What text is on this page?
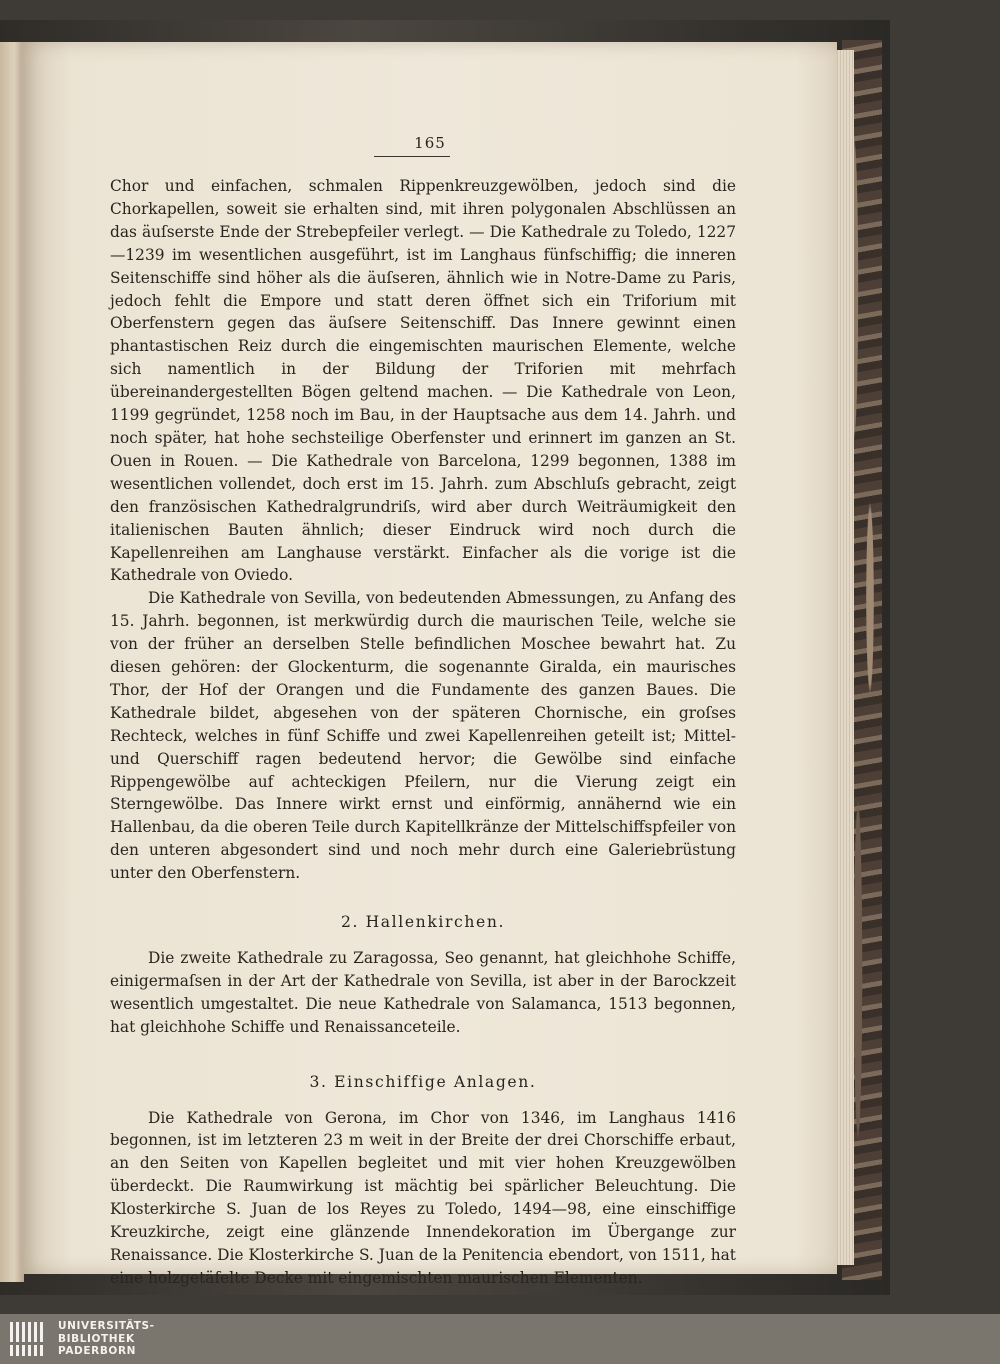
165

Chor und einfachen, schmalen Rippenkreuzgewölben, jedoch sind die Chorkapellen, soweit sie erhalten sind, mit ihren polygonalen Abschlüssen an das äuſserste Ende der Strebepfeiler verlegt. — Die Kathedrale zu Toledo, 1227—1239 im wesentlichen ausgeführt, ist im Langhaus fünfschiffig; die inneren Seitenschiffe sind höher als die äuſseren, ähnlich wie in Notre-Dame zu Paris, jedoch fehlt die Empore und statt deren öffnet sich ein Triforium mit Oberfenstern gegen das äuſsere Seitenschiff. Das Innere gewinnt einen phantastischen Reiz durch die eingemischten maurischen Elemente, welche sich namentlich in der Bildung der Triforien mit mehrfach übereinandergestellten Bögen geltend machen. — Die Kathedrale von Leon, 1199 gegründet, 1258 noch im Bau, in der Hauptsache aus dem 14. Jahrh. und noch später, hat hohe sechsteilige Oberfenster und erinnert im ganzen an St. Ouen in Rouen. — Die Kathedrale von Barcelona, 1299 begonnen, 1388 im wesentlichen vollendet, doch erst im 15. Jahrh. zum Abschluſs gebracht, zeigt den französischen Kathedralgrundriſs, wird aber durch Weiträumigkeit den italienischen Bauten ähnlich; dieser Eindruck wird noch durch die Kapellenreihen am Langhause verstärkt. Einfacher als die vorige ist die Kathedrale von Oviedo.

Die Kathedrale von Sevilla, von bedeutenden Abmessungen, zu Anfang des 15. Jahrh. begonnen, ist merkwürdig durch die maurischen Teile, welche sie von der früher an derselben Stelle befindlichen Moschee bewahrt hat. Zu diesen gehören: der Glockenturm, die sogenannte Giralda, ein maurisches Thor, der Hof der Orangen und die Fundamente des ganzen Baues. Die Kathedrale bildet, abgesehen von der späteren Chornische, ein groſses Rechteck, welches in fünf Schiffe und zwei Kapellenreihen geteilt ist; Mittel- und Querschiff ragen bedeutend hervor; die Gewölbe sind einfache Rippengewölbe auf achteckigen Pfeilern, nur die Vierung zeigt ein Sterngewölbe. Das Innere wirkt ernst und einförmig, annähernd wie ein Hallenbau, da die oberen Teile durch Kapitellkränze der Mittelschiffspfeiler von den unteren abgesondert sind und noch mehr durch eine Galeriebrüstung unter den Oberfenstern.

2. Hallenkirchen.

Die zweite Kathedrale zu Zaragossa, Seo genannt, hat gleichhohe Schiffe, einigermaſsen in der Art der Kathedrale von Sevilla, ist aber in der Barockzeit wesentlich umgestaltet. Die neue Kathedrale von Salamanca, 1513 begonnen, hat gleichhohe Schiffe und Renaissanceteile.

3. Einschiffige Anlagen.

Die Kathedrale von Gerona, im Chor von 1346, im Langhaus 1416 begonnen, ist im letzteren 23 m weit in der Breite der drei Chorschiffe erbaut, an den Seiten von Kapellen begleitet und mit vier hohen Kreuzgewölben überdeckt. Die Raumwirkung ist mächtig bei spärlicher Beleuchtung. Die Klosterkirche S. Juan de los Reyes zu Toledo, 1494—98, eine einschiffige Kreuzkirche, zeigt eine glänzende Innendekoration im Übergange zur Renaissance. Die Klosterkirche S. Juan de la Penitencia ebendort, von 1511, hat eine holzgetäfelte Decke mit eingemischten maurischen Elementen.

UNIVERSITÄTS-
BIBLIOTHEK
PADERBORN
